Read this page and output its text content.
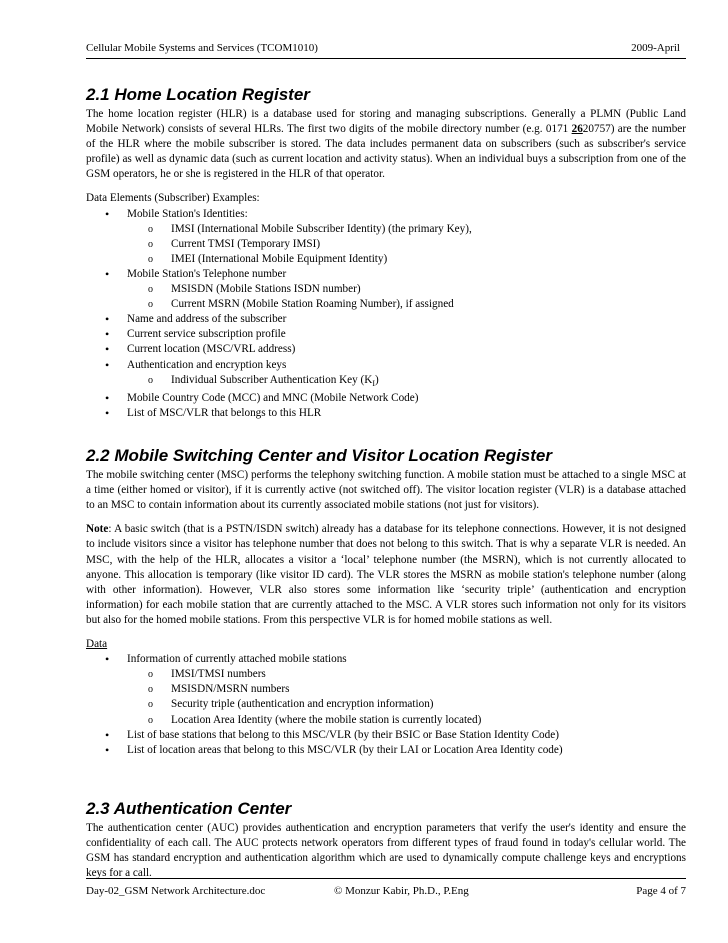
Cellular Mobile Systems and Services (TCOM1010)	2009-April
2.1 Home Location Register

The home location register (HLR) is a database used for storing and managing subscriptions. Generally a PLMN (Public Land Mobile Network) consists of several HLRs. The first two digits of the mobile directory number (e.g. 0171 2620757) are the number of the HLR where the mobile subscriber is stored. The data includes permanent data on subscribers (such as subscriber's service profile) as well as dynamic data (such as current location and activity status). When an individual buys a subscription from one of the GSM operators, he or she is registered in the HLR of that operator.

Data Elements (Subscriber) Examples:

• Mobile Station's Identities:
o IMSI (International Mobile Subscriber Identity) (the primary Key),
o Current TMSI (Temporary IMSI)
o IMEI (International Mobile Equipment Identity)
• Mobile Station's Telephone number
o MSISDN (Mobile Stations ISDN number)
o Current MSRN (Mobile Station Roaming Number), if assigned
• Name and address of the subscriber
• Current service subscription profile
• Current location (MSC/VRL address)
• Authentication and encryption keys
o Individual Subscriber Authentication Key $(K_I)$
• Mobile Country Code (MCC) and MNC (Mobile Network Code)
• List of MSC/VLR that belongs to this HLR
2.2 Mobile Switching Center and Visitor Location Register

The mobile switching center (MSC) performs the telephony switching function. A mobile station must be attached to a single MSC at a time (either homed or visitor), if it is currently active (not switched off). The visitor location register (VLR) is a database attached to an MSC to contain information about its currently associated mobile stations (not just for visitors).

Note: A basic switch (that is a PSTN/ISDN switch) already has a database for its telephone connections. However, it is not designed to include visitors since a visitor has telephone number that does not belong to this switch. That is why a separate VLR is needed. An MSC, with the help of the HLR, allocates a visitor a ‘local’ telephone number (the MSRN), which is not currently allocated to anyone. This allocation is temporary (like visitor ID card). The VLR stores the MSRN as mobile station's telephone number (along with other information). However, VLR also stores some information like ‘security triple’ (authentication and encryption information) for each mobile station that are currently attached to the MSC. A VLR stores such information not only for its visitors but also for the homed mobile stations. From this perspective VLR is for homed mobile stations as well.

Data

• Information of currently attached mobile stations
o IMSI/TMSI numbers
o MSISDN/MSRN numbers
o Security triple (authentication and encryption information)
o Location Area Identity (where the mobile station is currently located)
• List of base stations that belong to this MSC/VLR (by their BSIC or Base Station Identity Code)
• List of location areas that belong to this MSC/VLR (by their LAI or Location Area Identity code)
2.3 Authentication Center

The authentication center (AUC) provides authentication and encryption parameters that verify the user's identity and ensure the confidentiality of each call. The AUC protects network operators from different types of fraud found in today's cellular world. The GSM has standard encryption and authentication algorithm which are used to dynamically compute challenge keys and encryptions keys for a call.

Day-02_GSM Network Architecture.doc	© Monzur Kabir, Ph.D., P.Eng	Page 4 of 7
